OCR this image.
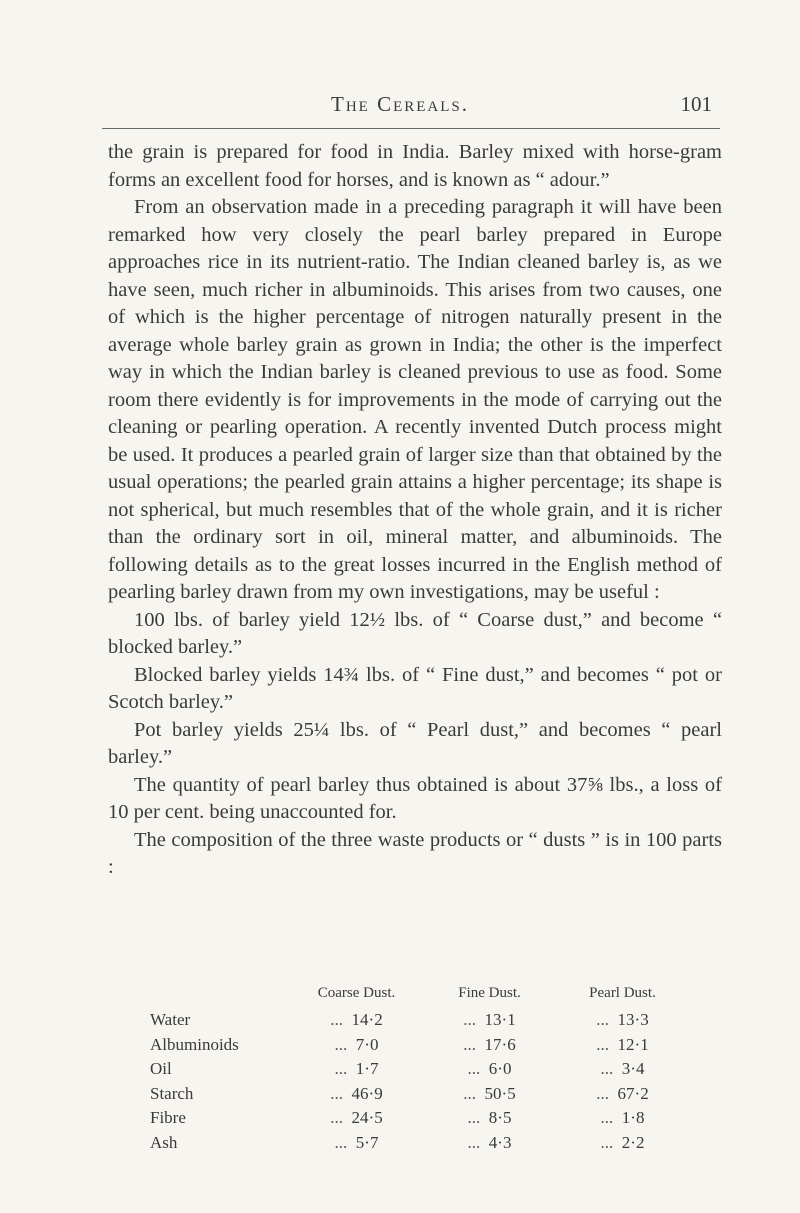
The Cereals.	101

the grain is prepared for food in India. Barley mixed with horse-gram forms an excellent food for horses, and is known as “ adour.”

From an observation made in a preceding paragraph it will have been remarked how very closely the pearl barley prepared in Europe approaches rice in its nutrient-ratio. The Indian cleaned barley is, as we have seen, much richer in albuminoids. This arises from two causes, one of which is the higher percentage of nitrogen naturally present in the average whole barley grain as grown in India; the other is the imperfect way in which the Indian barley is cleaned previous to use as food. Some room there evidently is for improvements in the mode of carrying out the cleaning or pearling operation. A recently invented Dutch process might be used. It produces a pearled grain of larger size than that obtained by the usual operations; the pearled grain attains a higher percentage; its shape is not spherical, but much resembles that of the whole grain, and it is richer than the ordinary sort in oil, mineral matter, and albuminoids. The following details as to the great losses incurred in the English method of pearling barley drawn from my own investigations, may be useful :

100 lbs. of barley yield 12½ lbs. of “ Coarse dust,” and become “ blocked barley.”

Blocked barley yields 14¾ lbs. of “ Fine dust,” and becomes “ pot or Scotch barley.”

Pot barley yields 25¼ lbs. of “ Pearl dust,” and becomes “ pearl barley.”

The quantity of pearl barley thus obtained is about 37⅝ lbs., a loss of 10 per cent. being unaccounted for.

The composition of the three waste products or “ dusts ” is in 100 parts :

	Coarse Dust.	Fine Dust.	Pearl Dust.
Water	... 14·2	... 13·1	... 13·3
Albuminoids	... 7·0	... 17·6	... 12·1
Oil	... 1·7	... 6·0	... 3·4
Starch	... 46·9	... 50·5	... 67·2
Fibre	... 24·5	... 8·5	... 1·8
Ash	... 5·7	... 4·3	... 2·2
